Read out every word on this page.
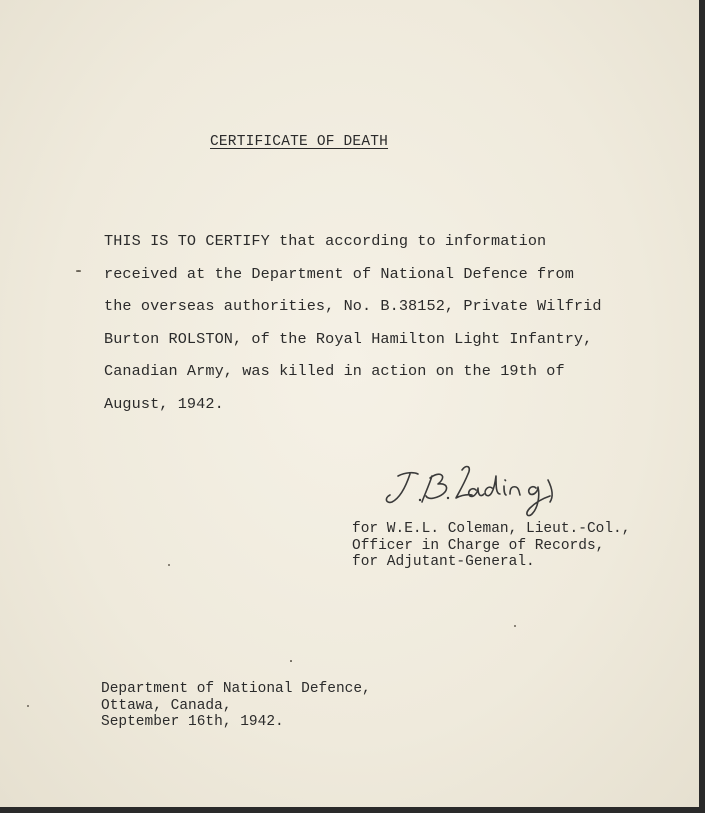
CERTIFICATE OF DEATH
THIS IS TO CERTIFY that according to information
received at the Department of National Defence from
the overseas authorities, No. B.38152, Private Wilfrid
Burton ROLSTON, of the Royal Hamilton Light Infantry,
Canadian Army, was killed in action on the 19th of
August, 1942.
for W.E.L. Coleman, Lieut.-Col.,
Officer in Charge of Records,
for Adjutant-General.
Department of National Defence,
Ottawa, Canada,
September 16th, 1942.
